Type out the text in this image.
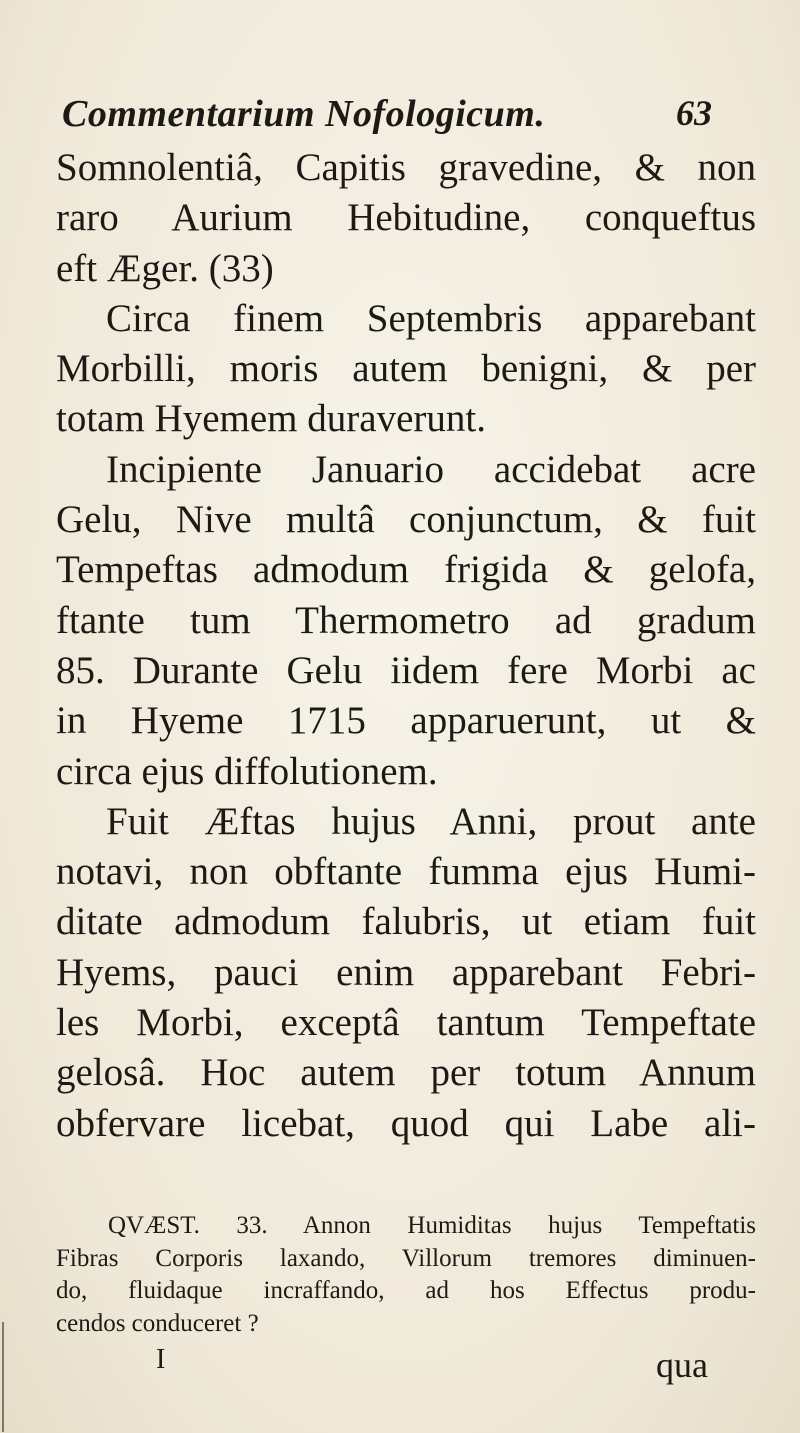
Commentarium Nofologicum.	63
Somnolentiâ, Capitis gravedine, & non
raro Aurium Hebitudine, conqueftus
eft Æger. (33)
Circa finem Septembris apparebant
Morbilli, moris autem benigni, & per
totam Hyemem duraverunt.
Incipiente Januario accidebat acre
Gelu, Nive multâ conjunctum, & fuit
Tempeftas admodum frigida & gelofa,
ftante tum Thermometro ad gradum
85. Durante Gelu iidem fere Morbi ac
in Hyeme 1715 apparuerunt, ut &
circa ejus diffolutionem.
Fuit Æftas hujus Anni, prout ante
notavi, non obftante fumma ejus Humi-
ditate admodum falubris, ut etiam fuit
Hyems, pauci enim apparebant Febri-
les Morbi, exceptâ tantum Tempeftate
gelosâ. Hoc autem per totum Annum
obfervare licebat, quod qui Labe ali-
QVÆST. 33. Annon Humiditas hujus Tempeftatis
Fibras Corporis laxando, Villorum tremores diminuen-
do, fluidaque incraffando, ad hos Effectus produ-
cendos conduceret ?
I	qua
